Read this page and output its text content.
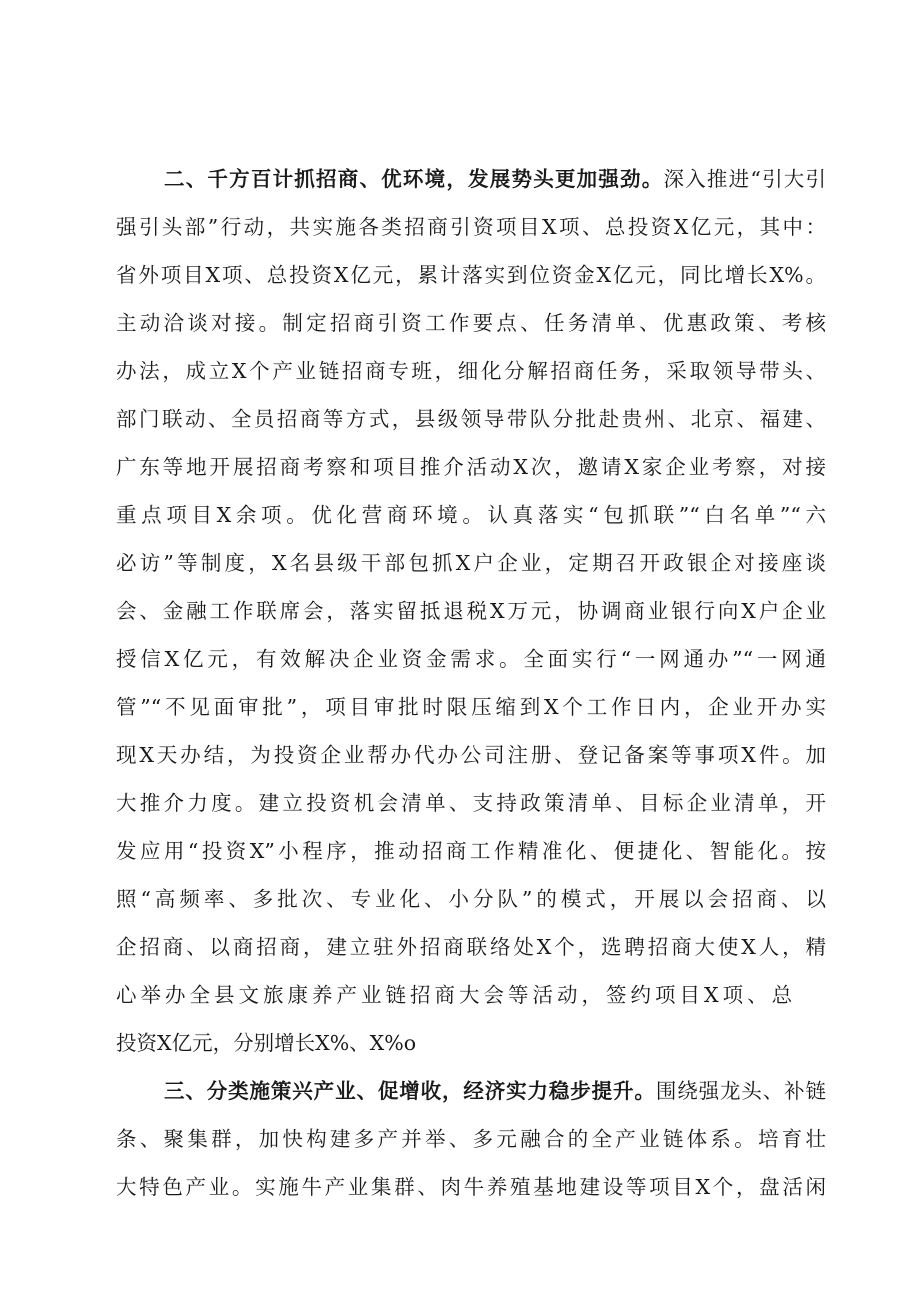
二、千方百计抓招商、优环境，发展势头更加强劲。深入推进“引大引
强引头部”行动，共实施各类招商引资项目X项、总投资X亿元，其中：
省外项目X项、总投资X亿元，累计落实到位资金X亿元，同比增长X%。
主动洽谈对接。制定招商引资工作要点、任务清单、优惠政策、考核
办法，成立X个产业链招商专班，细化分解招商任务，采取领导带头、
部门联动、全员招商等方式，县级领导带队分批赴贵州、北京、福建、
广东等地开展招商考察和项目推介活动X次，邀请X家企业考察，对接
重点项目X余项。优化营商环境。认真落实“包抓联”“白名单”“六
必访”等制度，X名县级干部包抓X户企业，定期召开政银企对接座谈
会、金融工作联席会，落实留抵退税X万元，协调商业银行向X户企业
授信X亿元，有效解决企业资金需求。全面实行“一网通办”“一网通
管”“不见面审批”，项目审批时限压缩到X个工作日内，企业开办实
现X天办结，为投资企业帮办代办公司注册、登记备案等事项X件。加
大推介力度。建立投资机会清单、支持政策清单、目标企业清单，开
发应用“投资X”小程序，推动招商工作精准化、便捷化、智能化。按
照“高频率、多批次、专业化、小分队”的模式，开展以会招商、以
企招商、以商招商，建立驻外招商联络处X个，选聘招商大使X人，精
心举办全县文旅康养产业链招商大会等活动，签约项目X项、总
投资X亿元，分别增长X%、X%o
三、分类施策兴产业、促增收，经济实力稳步提升。围绕强龙头、补链
条、聚集群，加快构建多产并举、多元融合的全产业链体系。培育壮
大特色产业。实施牛产业集群、肉牛养殖基地建设等项目X个，盘活闲
